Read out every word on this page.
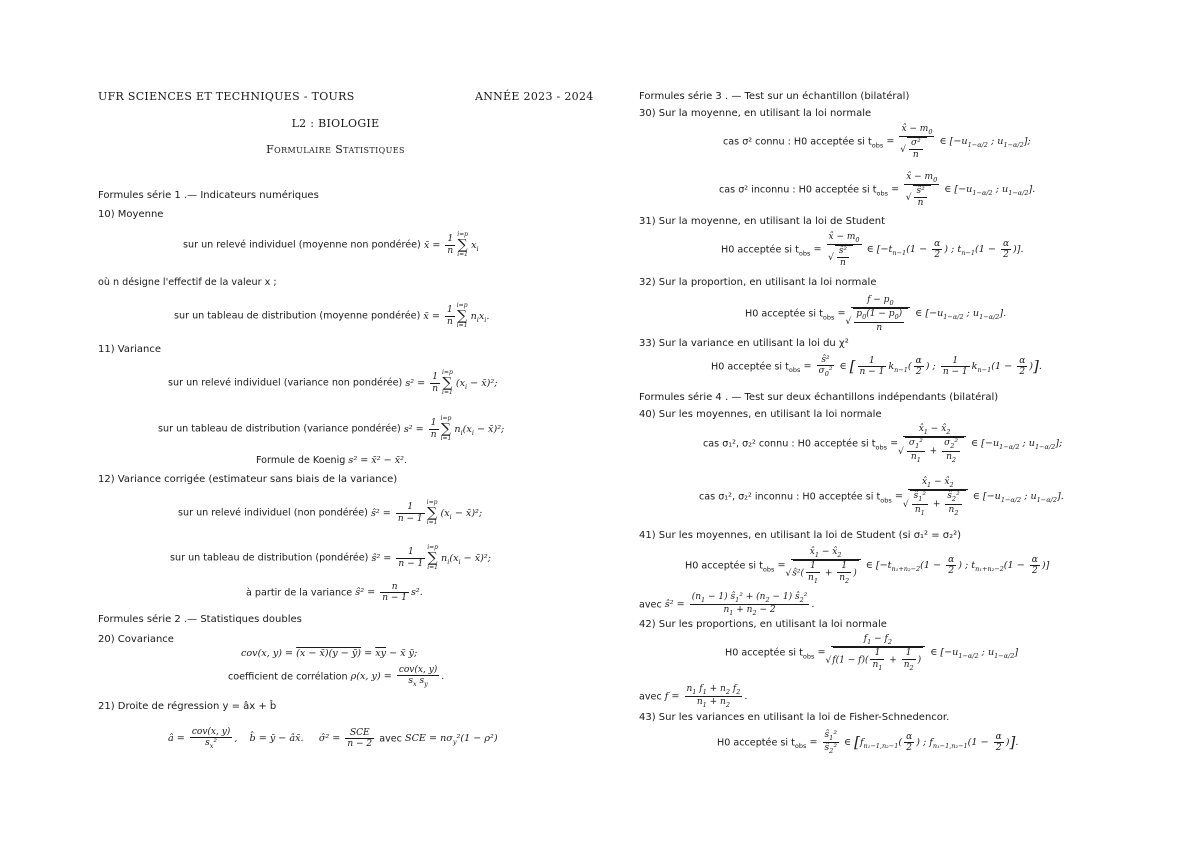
UFR SCIENCES ET TECHNIQUES - TOURS	ANNÉE 2023 - 2024
L2 : BIOLOGIE
Formulaire Statistiques
Formules série 1 .— Indicateurs numériques
10) Moyenne
sur un relevé individuel (moyenne non pondérée) x̄ = $\frac{1}{n} i=p$
∑
i=1 $x_i$
où n désigne l'effectif de la valeur x ;
sur un tableau de distribution (moyenne pondérée) x̄ = $\frac{1}{n} i=p$
∑
i=1 $n_ix_i$.
11) Variance
sur un relevé individuel (variance non pondérée) $s^2 = \frac{1}{n} i=p$
∑
i=1 ($x_i$ − x̄)²;
sur un tableau de distribution (variance pondérée) $s^2 = \frac{1}{n} i=p$
∑
i=1 $n_i(x_i$ − x̄)²;
Formule de Koenig s² = x̄² − x̄².
12) Variance corrigée (estimateur sans biais de la variance)
sur un relevé individuel (non pondérée) ŝ² = $\frac{1}{n - 1} i=p$
∑
i=1 ($x_i$ − x̄)²;
sur un tableau de distribution (pondérée) ŝ² = $\frac{1}{n - 1} i=p$
∑
i=1 $n_i(x_i$ − x̄)²;
à partir de la variance ŝ² = $\frac{n}{n - 1} s^2$.
Formules série 2 .— Statistiques doubles
20) Covariance
cov(x, y) = (x − x̄)(y − ȳ) = $\overline{xy}$ − x̄ ȳ;
coefficient de corrélation ρ(x, y) =
cov(x, y)
$s_x$ $s_y$
.
21) Droite de régression y = âx + b̂
â =
cov(x, y)
$s_x^2$	,    b̂ = ȳ − âx̄.     σ̂² =
SCE
n − 2 avec SCE = $n\sigma_y^2(1 - \rho^2)$
Formules série 3 . — Test sur un échantillon (bilatéral)
30) Sur la moyenne, en utilisant la loi normale
cas σ² connu : H0 acceptée si $t_{obs}$ = x̂ − $m_0$
√ $\frac{\text{σ²}}{n}$ ∈ [$-u_{1-\alpha/2}$ ; $u_{1-\alpha/2}$];
cas σ² inconnu : H0 acceptée si $t_{obs}$ = x̂ − $m_0$
√ $\frac{\text{ŝ²}}{n}$ ∈ [$-u_{1-\alpha/2}$ ; $u_{1-\alpha/2}$].
31) Sur la moyenne, en utilisant la loi de Student
H0 acceptée si $t_{obs}$ = x̂ − $m_0$
√ $\frac{\text{ŝ²}}{n}$ ∈ [$-t_{n-1}(1 - \frac{\alpha}{2}$ ) ; $t_{n-1}(1 - \frac{\alpha}{2}$ )].
32) Sur la proportion, en utilisant la loi normale
H0 acceptée si $t_{obs} = f - p_0$
√ $\frac{p_0(1 - p_0)}{n}$ ∈ [$-u_{1-\alpha/2}$ ; $u_{1-\alpha/2}$].
33) Sur la variance en utilisant la loi du χ²
H0 acceptée si $t_{obs} = \frac{\text{ŝ²}}{\sigma_0^2}$ ∈ [ $\frac{1}{n - 1} k_{n-1}( \frac{\alpha}{2}$ ) ; $\frac{1}{n - 1} k_{n-1}(1 - \frac{\alpha}{2}$ )].
Formules série 4 . — Test sur deux échantillons indépendants (bilatéral)
40) Sur les moyennes, en utilisant la loi normale
cas σ₁², σ₂² connu : H0 acceptée si $t_{obs}$ = $x̂_1$ − $x̂_2$
√ $\frac{\sigma_1^2}{n_1} + \frac{\sigma_2^2}{n_2}$ ∈ [$-u_{1-\alpha/2}$ ; $u_{1-\alpha/2}$];
cas σ₁², σ₂² inconnu : H0 acceptée si $t_{obs}$ = $x̂_1$ − $x̂_2$
√ $\frac{ŝ_1^2}{n_1} + \frac{ŝ_2^2}{n_2}$ ∈ [$-u_{1-\alpha/2}$ ; $u_{1-\alpha/2}$].
41) Sur les moyennes, en utilisant la loi de Student (si σ₁² = σ₂²)
H0 acceptée si $t_{obs}$ = $x̂_1$ − $x̂_2$
√ ŝ²( $\frac{1}{n_1} + \frac{1}{n_2}$ ) ∈ [$-t_{n_1+n_2-2}(1 - \frac{\alpha}{2}$ ) ; $t_{n_1+n_2-2}(1 - \frac{\alpha}{2}$ )]
avec ŝ² = $\frac{(n_1 - 1) ŝ_1^2 + (n_2 - 1) ŝ_2^2}{n_1 + n_2 - 2}$ .
42) Sur les proportions, en utilisant la loi normale
H0 acceptée si $t_{obs} = f_1 - f_2$
√ $f(1 - f)( \frac{1}{n_1} + \frac{1}{n_2}$ ) ∈ [$-u_{1-\alpha/2}$ ; $u_{1-\alpha/2}$]
avec $f = \frac{n_1 f_1 + n_2 f_2}{n_1 + n_2}$ .
43) Sur les variances en utilisant la loi de Fisher-Schnedencor.
H0 acceptée si $t_{obs} = \frac{ŝ_1^2}{ŝ_2^2}$ ∈ [$f_{n_1-1,n_2-1}( \frac{\alpha}{2}$ ) ; $f_{n_1-1,n_2-1}(1 - \frac{\alpha}{2}$ )].
